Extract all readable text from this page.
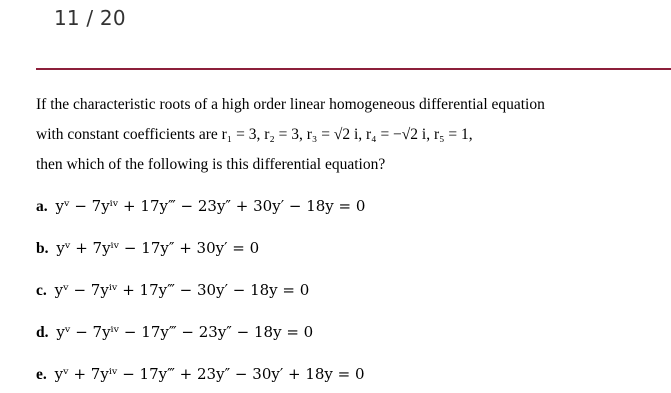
11 / 20
If the characteristic roots of a high order linear homogeneous differential equation
with constant coefficients are r₁ = 3, r₂ = 3, r₃ = √2 i, r₄ = −√2 i, r₅ = 1,
then which of the following is this differential equation?
a. yᵛ − 7yⁱᵛ + 17y‴ − 23y″ + 30y′ − 18y = 0
b. yᵛ + 7yⁱᵛ − 17y″ + 30y′ = 0
c. yᵛ − 7yⁱᵛ + 17y‴ − 30y′ − 18y = 0
d. yᵛ − 7yⁱᵛ − 17y‴ − 23y″ − 18y = 0
e. yᵛ + 7yⁱᵛ − 17y‴ + 23y″ − 30y′ + 18y = 0
